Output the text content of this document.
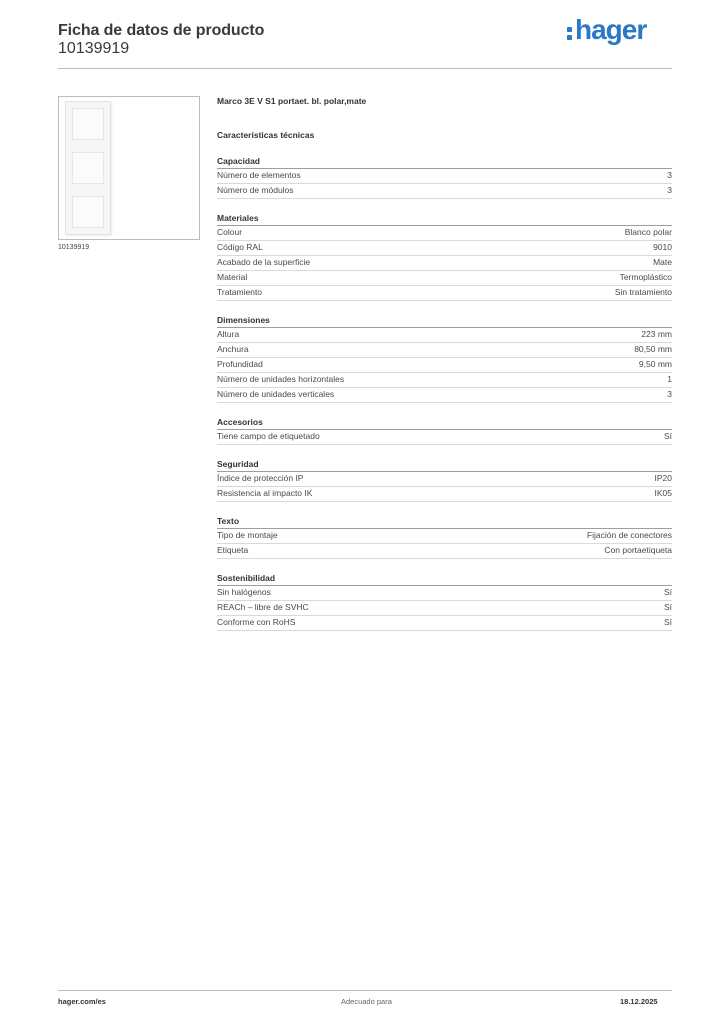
Ficha de datos de producto
10139919
hager
10139919
Marco 3E V S1 portaet. bl. polar,mate
Características técnicas
Capacidad
Número de elementos	3
Número de módulos	3
Materiales
Colour	Blanco polar
Código RAL	9010
Acabado de la superficie	Mate
Material	Termoplástico
Tratamiento	Sin tratamiento
Dimensiones
Altura	223 mm
Anchura	80,50 mm
Profundidad	9,50 mm
Número de unidades horizontales	1
Número de unidades verticales	3
Accesorios
Tiene campo de etiquetado	Sí
Seguridad
Índice de protección IP	IP20
Resistencia al impacto IK	IK05
Texto
Tipo de montaje	Fijación de conectores
Etiqueta	Con portaetiqueta
Sostenibilidad
Sin halógenos	Sí
REACh – libre de SVHC	Sí
Conforme con RoHS	Sí
hager.com/es	Adecuado para	18.12.2025
